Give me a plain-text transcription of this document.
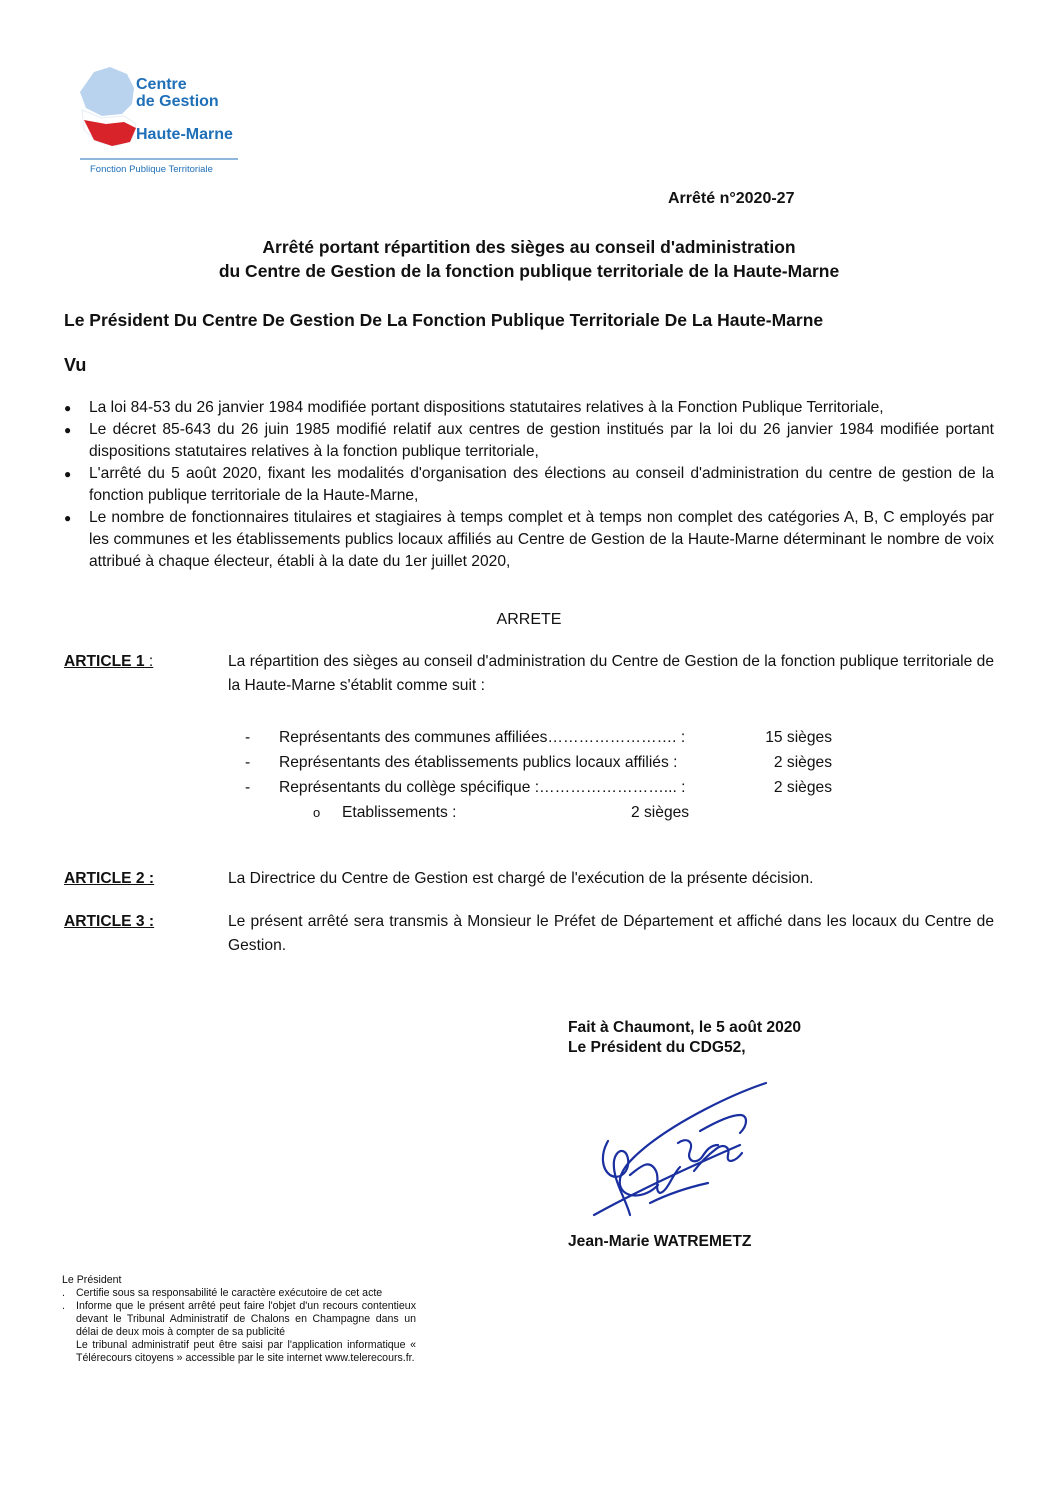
Centre
de Gestion
Haute-Marne
Fonction Publique Territoriale
Arrêté n°2020-27
Arrêté portant répartition des sièges au conseil d'administration
du Centre de Gestion de la fonction publique territoriale de la Haute-Marne
Le Président Du Centre De Gestion De La Fonction Publique Territoriale De La Haute-Marne
Vu
● La loi 84-53 du 26 janvier 1984 modifiée portant dispositions statutaires relatives à la Fonction Publique Territoriale,
● Le décret 85-643 du 26 juin 1985 modifié relatif aux centres de gestion institués par la loi du 26 janvier 1984 modifiée portant dispositions statutaires relatives à la fonction publique territoriale,
● L'arrêté du 5 août 2020, fixant les modalités d'organisation des élections au conseil d'administration du centre de gestion de la fonction publique territoriale de la Haute-Marne,
● Le nombre de fonctionnaires titulaires et stagiaires à temps complet et à temps non complet des catégories A, B, C employés par les communes et les établissements publics locaux affiliés au Centre de Gestion de la Haute-Marne déterminant le nombre de voix attribué à chaque électeur, établi à la date du 1er juillet 2020,
ARRETE
ARTICLE 1 :	La répartition des sièges au conseil d'administration du Centre de Gestion de la fonction publique territoriale de la Haute-Marne s'établit comme suit :
- Représentants des communes affiliées……………………. :	15 sièges
- Représentants des établissements publics locaux affiliés :	2 sièges
- Représentants du collège spécifique :……………………... :	2 sièges
o Etablissements :	2 sièges
ARTICLE 2 :	La Directrice du Centre de Gestion est chargé de l'exécution de la présente décision.
ARTICLE 3 :	Le présent arrêté sera transmis à Monsieur le Préfet de Département et affiché dans les locaux du Centre de Gestion.
Fait à Chaumont, le 5 août 2020
Le Président du CDG52,
Jean-Marie WATREMETZ
Le Président
. Certifie sous sa responsabilité le caractère exécutoire de cet acte
. Informe que le présent arrêté peut faire l'objet d'un recours contentieux devant le Tribunal Administratif de Chalons en Champagne dans un délai de deux mois à compter de sa publicité
Le tribunal administratif peut être saisi par l'application informatique « Télérecours citoyens » accessible par le site internet www.telerecours.fr.
